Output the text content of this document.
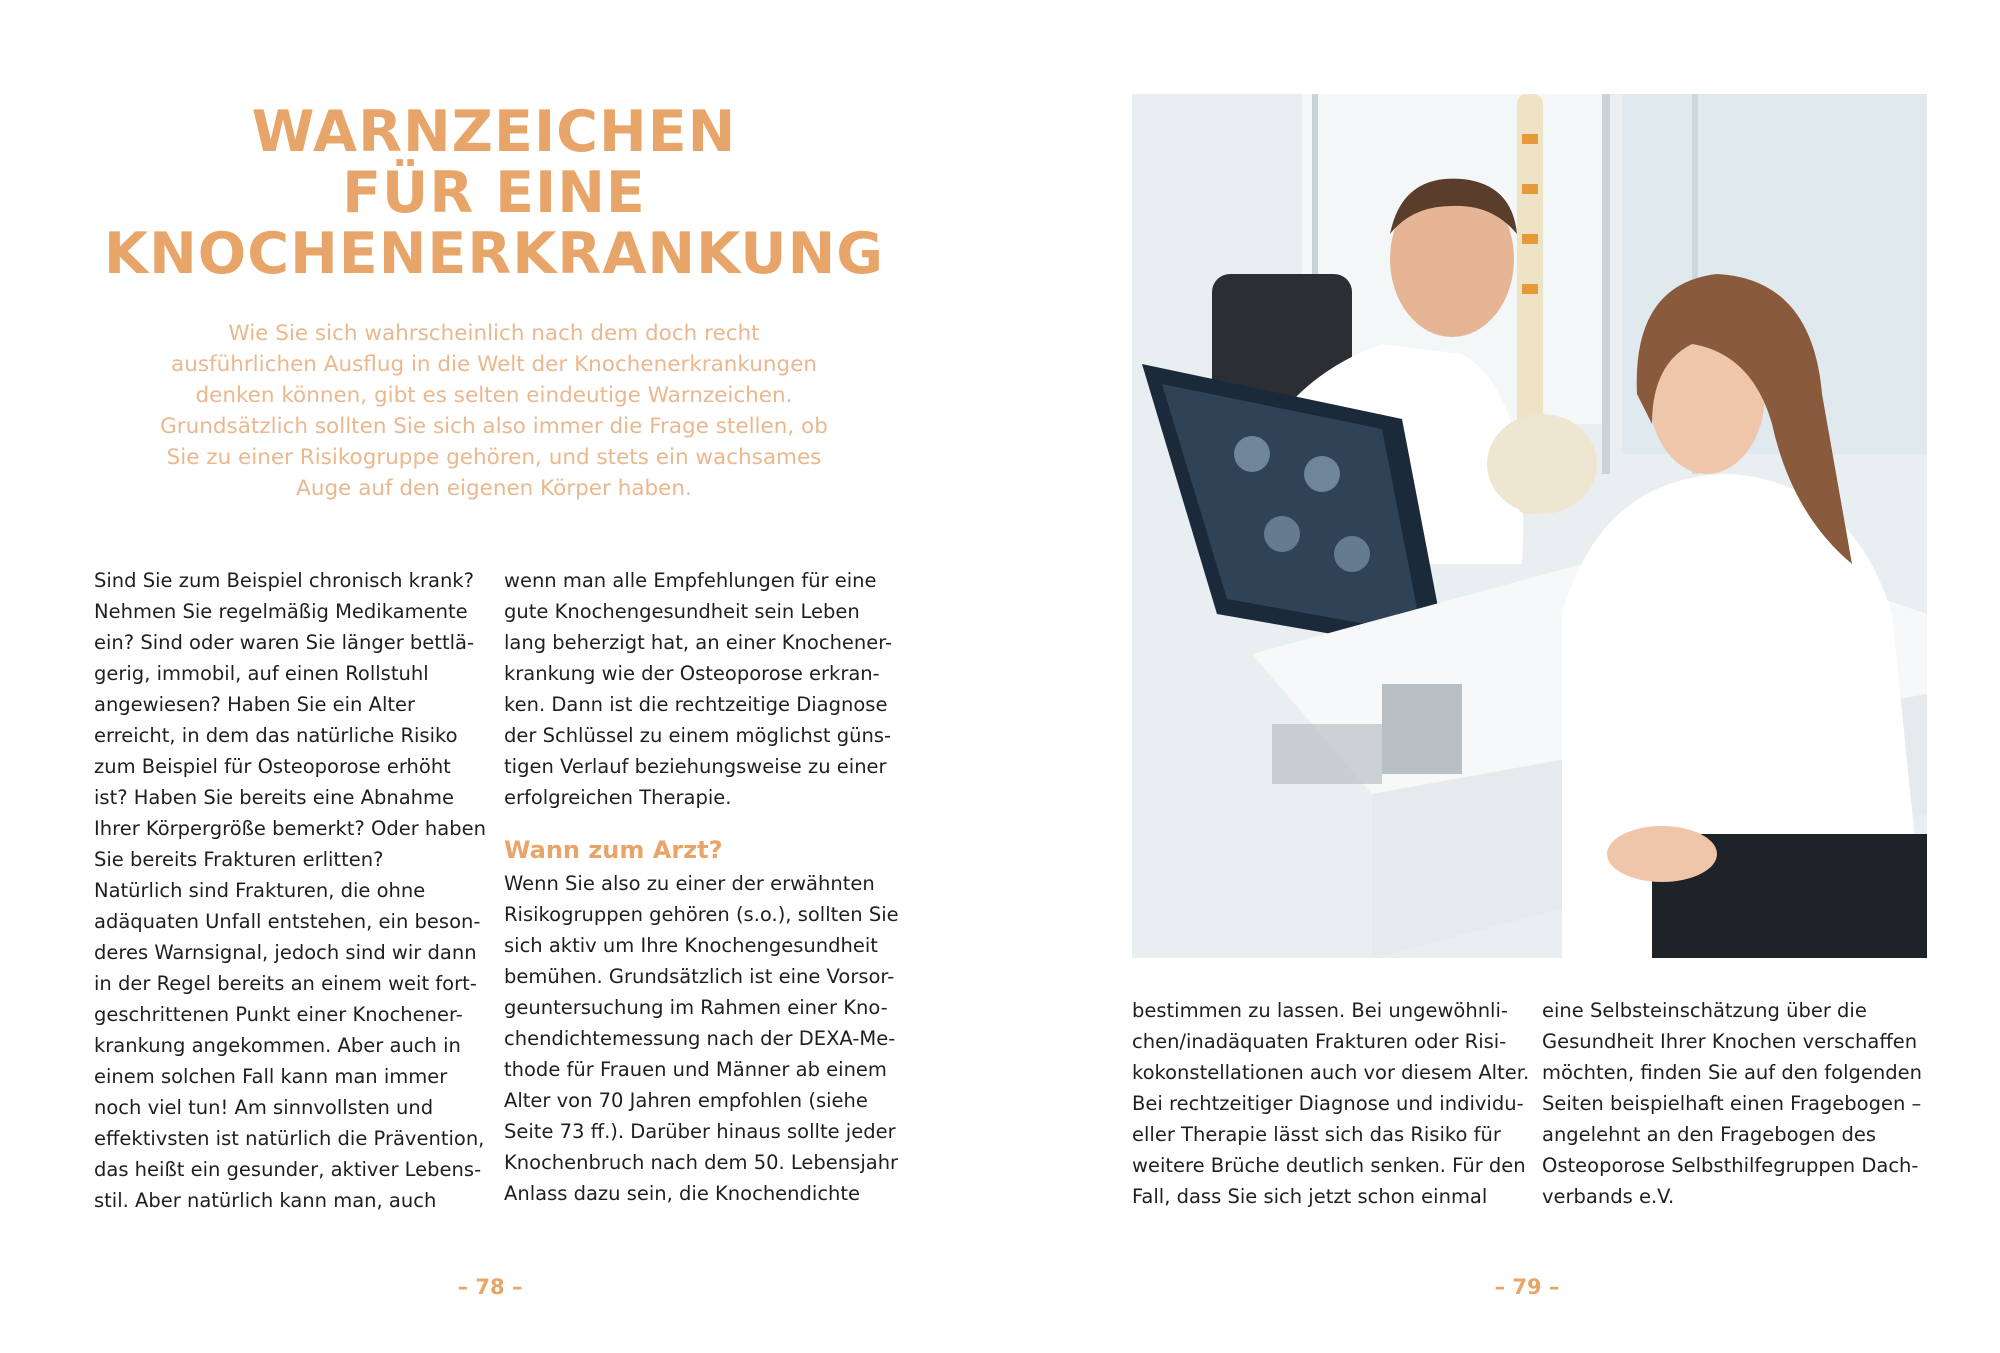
WARNZEICHEN
FÜR EINE
KNOCHENERKRANKUNG
Wie Sie sich wahrscheinlich nach dem doch recht
ausführlichen Ausflug in die Welt der Knochenerkrankungen
denken können, gibt es selten eindeutige Warnzeichen.
Grundsätzlich sollten Sie sich also immer die Frage stellen, ob
Sie zu einer Risikogruppe gehören, und stets ein wachsames
Auge auf den eigenen Körper haben.
Sind Sie zum Beispiel chronisch krank?
Nehmen Sie regelmäßig Medikamente
ein? Sind oder waren Sie länger bettlä-
gerig, immobil, auf einen Rollstuhl
angewiesen? Haben Sie ein Alter
erreicht, in dem das natürliche Risiko
zum Beispiel für Osteoporose erhöht
ist? Haben Sie bereits eine Abnahme
Ihrer Körpergröße bemerkt? Oder haben
Sie bereits Frakturen erlitten?
Natürlich sind Frakturen, die ohne
adäquaten Unfall entstehen, ein beson-
deres Warnsignal, jedoch sind wir dann
in der Regel bereits an einem weit fort-
geschrittenen Punkt einer Knochener-
krankung angekommen. Aber auch in
einem solchen Fall kann man immer
noch viel tun! Am sinnvollsten und
effektivsten ist natürlich die Prävention,
das heißt ein gesunder, aktiver Lebens-
stil. Aber natürlich kann man, auch
wenn man alle Empfehlungen für eine
gute Knochengesundheit sein Leben
lang beherzigt hat, an einer Knochener-
krankung wie der Osteoporose erkran-
ken. Dann ist die rechtzeitige Diagnose
der Schlüssel zu einem möglichst güns-
tigen Verlauf beziehungsweise zu einer
erfolgreichen Therapie.
Wann zum Arzt?
Wenn Sie also zu einer der erwähnten
Risikogruppen gehören (s.o.), sollten Sie
sich aktiv um Ihre Knochengesundheit
bemühen. Grundsätzlich ist eine Vorsor-
geuntersuchung im Rahmen einer Kno-
chendichtemessung nach der DEXA-Me-
thode für Frauen und Männer ab einem
Alter von 70 Jahren empfohlen (siehe
Seite 73 ff.). Darüber hinaus sollte jeder
Knochenbruch nach dem 50. Lebensjahr
Anlass dazu sein, die Knochendichte
– 78 –
bestimmen zu lassen. Bei ungewöhnli-
chen/inadäquaten Frakturen oder Risi-
kokonstellationen auch vor diesem Alter.
Bei rechtzeitiger Diagnose und individu-
eller Therapie lässt sich das Risiko für
weitere Brüche deutlich senken. Für den
Fall, dass Sie sich jetzt schon einmal
eine Selbsteinschätzung über die
Gesundheit Ihrer Knochen verschaffen
möchten, finden Sie auf den folgenden
Seiten beispielhaft einen Fragebogen –
angelehnt an den Fragebogen des
Osteoporose Selbsthilfegruppen Dach-
verbands e.V.
– 79 –
